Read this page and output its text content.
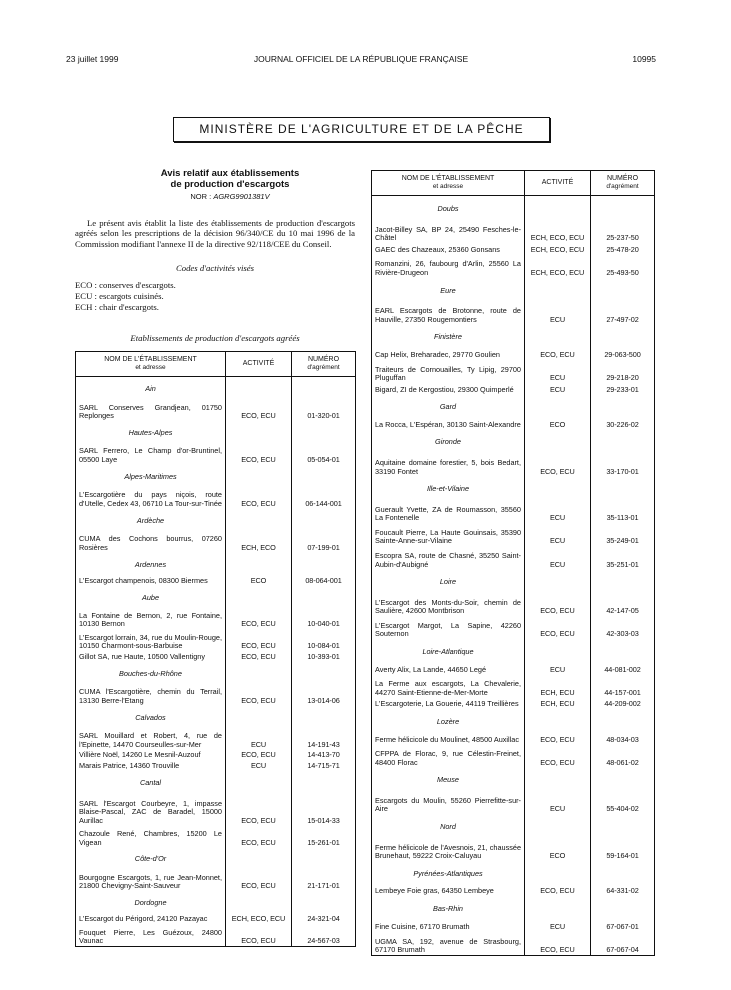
23 juillet 1999	JOURNAL OFFICIEL DE LA RÉPUBLIQUE FRANÇAISE	10995
MINISTÈRE DE L'AGRICULTURE ET DE LA PÊCHE
Avis relatif aux établissements
de production d'escargots
NOR : AGRG9901381V

Le présent avis établit la liste des établissements de production d'escargots agréés selon les prescriptions de la décision 96/340/CE du 10 mai 1996 de la Commission modifiant l'annexe II de la directive 92/118/CEE du Conseil.

Codes d'activités visés
ECO : conserves d'escargots.
ECU : escargots cuisinés.
ECH : chair d'escargots.
Etablissements de production d'escargots agréés
NOM DE L'ÉTABLISSEMENT
et adresse	ACTIVITÉ	NUMÉRO
d'agrément

Ain		
SARL Conserves Grandjean, 01750 Replonges	ECO, ECU	01-320-01
Hautes-Alpes		
SARL Ferrero, Le Champ d'or-Bruntinel, 05500 Laye	ECO, ECU	05-054-01
Alpes-Maritimes		
L'Escargotière du pays niçois, route d'Utelle, Cedex 43, 06710 La Tour-sur-Tinée	ECO, ECU	06-144-001
Ardèche		
CUMA des Cochons bourrus, 07260 Rosières	ECH, ECO	07-199-01
Ardennes		
L'Escargot champenois, 08300 Biermes	ECO	08-064-001
Aube		
La Fontaine de Bernon, 2, rue Fontaine, 10130 Bernon	ECO, ECU	10-040-01
L'Escargot lorrain, 34, rue du Moulin-Rouge, 10150 Charmont-sous-Barbuise	ECO, ECU	10-084-01
Gillot SA, rue Haute, 10500 Vallentigny	ECO, ECU	10-393-01
Bouches-du-Rhône		
CUMA l'Escargotière, chemin du Terrail, 13130 Berre-l'Etang	ECO, ECU	13-014-06
Calvados		
SARL Mouillard et Robert, 4, rue de l'Epinette, 14470 Courseulles-sur-Mer	ECU	14-191-43
Villière Noël, 14260 Le Mesnil-Auzouf	ECO, ECU	14-413-70
Marais Patrice, 14360 Trouville	ECU	14-715-71
Cantal		
SARL l'Escargot Courbeyre, 1, impasse Blaise-Pascal, ZAC de Baradel, 15000 Aurillac	ECO, ECU	15-014-33
Chazoule René, Chambres, 15200 Le Vigean	ECO, ECU	15-261-01
Côte-d'Or		
Bourgogne Escargots, 1, rue Jean-Monnet, 21800 Chevigny-Saint-Sauveur	ECO, ECU	21-171-01
Dordogne		
L'Escargot du Périgord, 24120 Pazayac	ECH, ECO, ECU	24-321-04
Fouquet Pierre, Les Guézoux, 24800 Vaunac	ECO, ECU	24-567-03
NOM DE L'ÉTABLISSEMENT
et adresse	ACTIVITÉ	NUMÉRO
d'agrément

Doubs		
Jacot-Billey SA, BP 24, 25490 Fesches-le-Châtel	ECH, ECO, ECU	25-237-50
GAEC des Chazeaux, 25360 Gonsans	ECH, ECO, ECU	25-478-20
Romanzini, 26, faubourg d'Arlin, 25560 La Rivière-Drugeon	ECH, ECO, ECU	25-493-50
Eure		
EARL Escargots de Brotonne, route de Hauville, 27350 Rougemontiers	ECU	27-497-02
Finistère		
Cap Helix, Breharadec, 29770 Goulien	ECO, ECU	29-063-500
Traiteurs de Cornouailles, Ty Lipig, 29700 Pluguffan	ECU	29-218-20
Bigard, ZI de Kergostiou, 29300 Quimperlé	ECU	29-233-01
Gard		
La Rocca, L'Espéran, 30130 Saint-Alexandre	ECO	30-226-02
Gironde		
Aquitaine domaine forestier, 5, bois Bedart, 33190 Fontet	ECO, ECU	33-170-01
Ille-et-Vilaine		
Guerault Yvette, ZA de Roumasson, 35560 La Fontenelle	ECU	35-113-01
Foucault Pierre, La Haute Gouinsais, 35390 Sainte-Anne-sur-Vilaine	ECU	35-249-01
Escopra SA, route de Chasné, 35250 Saint-Aubin-d'Aubigné	ECU	35-251-01
Loire		
L'Escargot des Monts-du-Soir, chemin de Saulière, 42600 Montbrison	ECO, ECU	42-147-05
L'Escargot Margot, La Sapine, 42260 Souternon	ECO, ECU	42-303-03
Loire-Atlantique		
Averty Alix, La Lande, 44650 Legé	ECU	44-081-002
La Ferme aux escargots, La Chevalerie, 44270 Saint-Etienne-de-Mer-Morte	ECH, ECU	44-157-001
L'Escargoterie, La Gouerie, 44119 Treillières	ECH, ECU	44-209-002
Lozère		
Ferme hélicicole du Moulinet, 48500 Auxillac	ECO, ECU	48-034-03
CFPPA de Florac, 9, rue Célestin-Freinet, 48400 Florac	ECO, ECU	48-061-02
Meuse		
Escargots du Moulin, 55260 Pierrefitte-sur-Aire	ECU	55-404-02
Nord		
Ferme hélicicole de l'Avesnois, 21, chaussée Brunehaut, 59222 Croix-Caluyau	ECO	59-164-01
Pyrénées-Atlantiques		
Lembeye Foie gras, 64350 Lembeye	ECO, ECU	64-331-02
Bas-Rhin		
Fine Cuisine, 67170 Brumath	ECU	67-067-01
UGMA SA, 192, avenue de Strasbourg, 67170 Brumath	ECO, ECU	67-067-04
